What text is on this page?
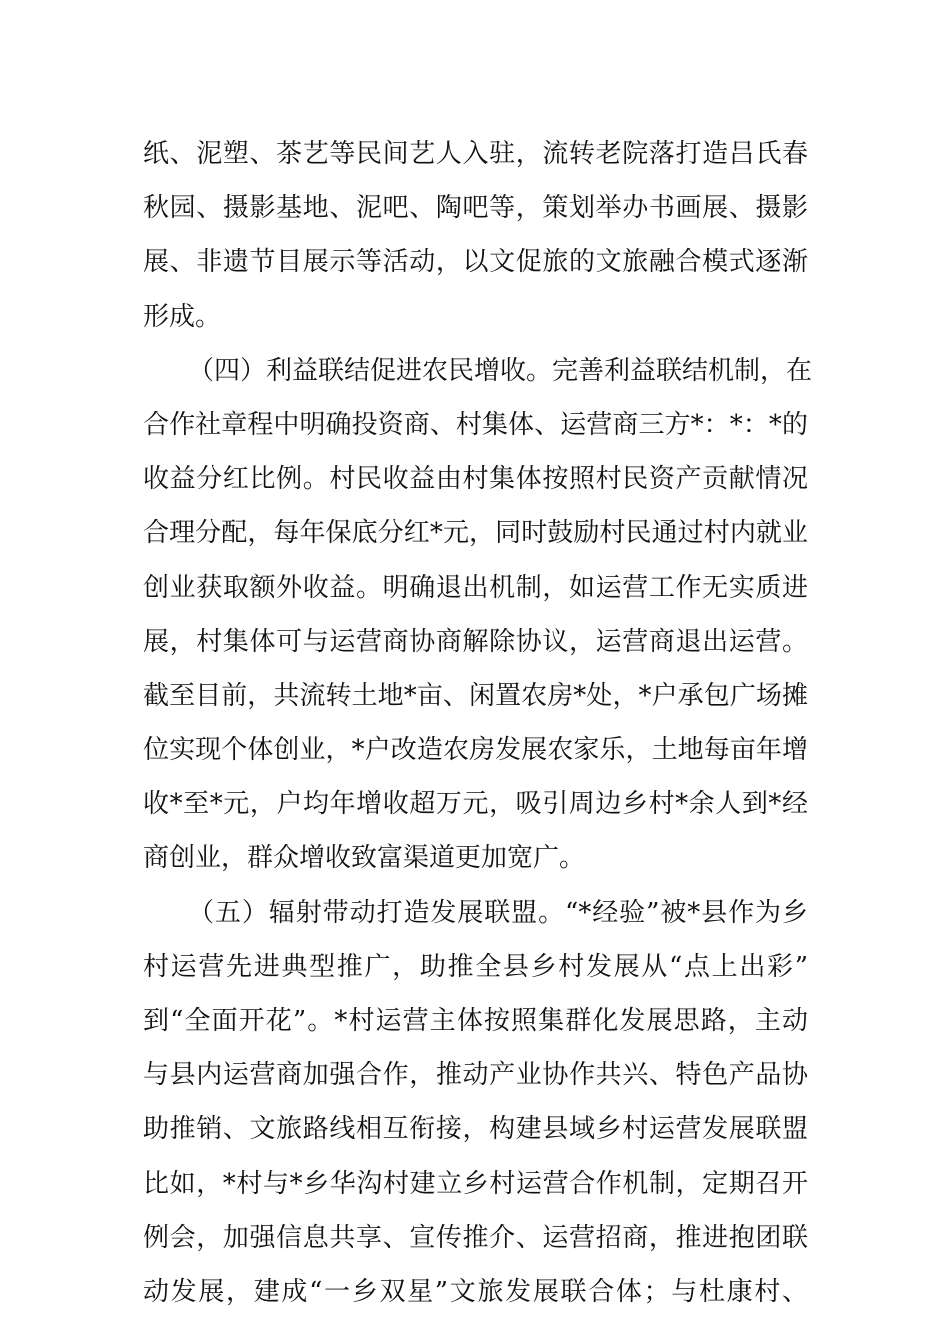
纸、泥塑、茶艺等民间艺人入驻，流转老院落打造吕氏春
秋园、摄影基地、泥吧、陶吧等，策划举办书画展、摄影
展、非遗节目展示等活动，以文促旅的文旅融合模式逐渐
形成。
（四）利益联结促进农民增收。完善利益联结机制，在
合作社章程中明确投资商、村集体、运营商三方*：*：*的
收益分红比例。村民收益由村集体按照村民资产贡献情况
合理分配，每年保底分红*元，同时鼓励村民通过村内就业
创业获取额外收益。明确退出机制，如运营工作无实质进
展，村集体可与运营商协商解除协议，运营商退出运营。
截至目前，共流转土地*亩、闲置农房*处，*户承包广场摊
位实现个体创业，*户改造农房发展农家乐，土地每亩年增
收*至*元，户均年增收超万元，吸引周边乡村*余人到*经
商创业，群众增收致富渠道更加宽广。
（五）辐射带动打造发展联盟。“*经验”被*县作为乡
村运营先进典型推广，助推全县乡村发展从“点上出彩”
到“全面开花”。*村运营主体按照集群化发展思路，主动
与县内运营商加强合作，推动产业协作共兴、特色产品协
助推销、文旅路线相互衔接，构建县域乡村运营发展联盟
比如，*村与*乡华沟村建立乡村运营合作机制，定期召开
例会，加强信息共享、宣传推介、运营招商，推进抱团联
动发展，建成“一乡双星”文旅发展联合体；与杜康村、
